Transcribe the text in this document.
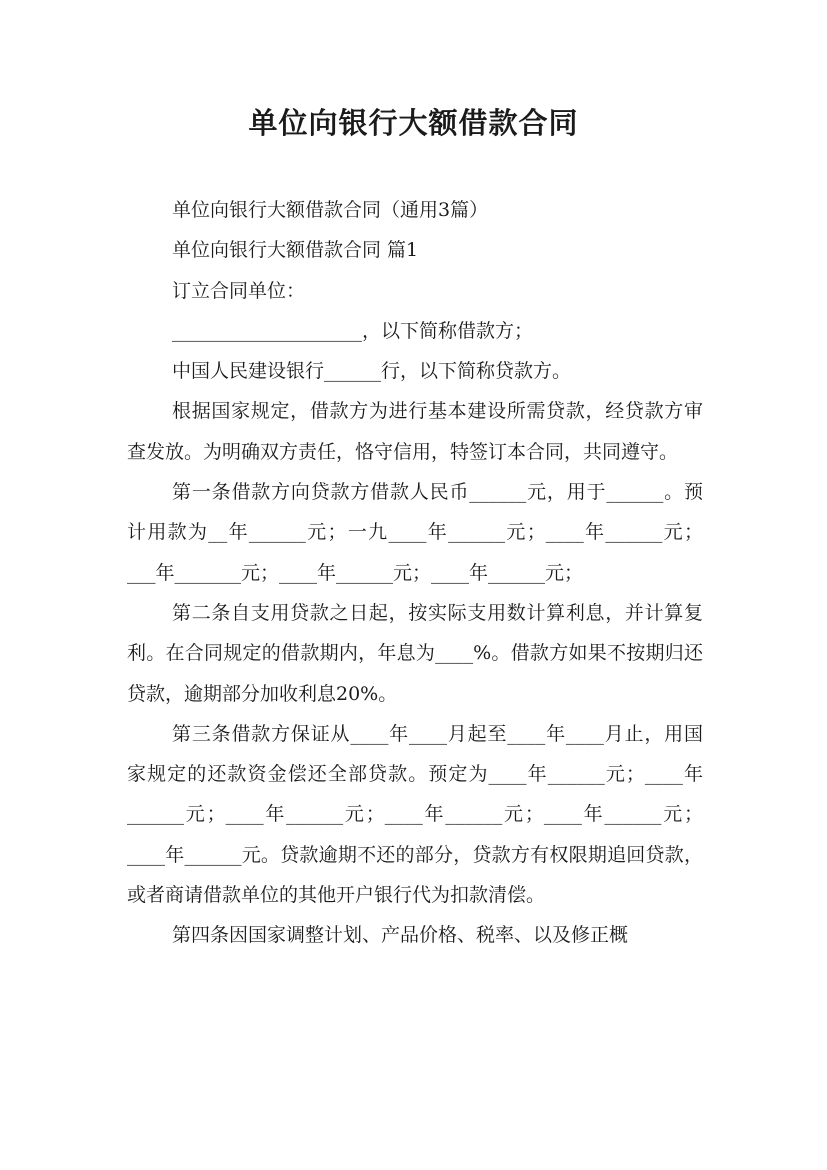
单位向银行大额借款合同

单位向银行大额借款合同（通用3篇）

单位向银行大额借款合同 篇1

订立合同单位：

____________________，以下简称借款方；

中国人民建设银行______行，以下简称贷款方。

根据国家规定，借款方为进行基本建设所需贷款，经贷款方审查发放。为明确双方责任，恪守信用，特签订本合同，共同遵守。

第一条借款方向贷款方借款人民币______元，用于______。预计用款为__年______元；一九____年______元；____年______元；___年_______元；____年______元；____年______元；

第二条自支用贷款之日起，按实际支用数计算利息，并计算复利。在合同规定的借款期内，年息为____%。借款方如果不按期归还贷款，逾期部分加收利息20%。

第三条借款方保证从____年____月起至____年____月止，用国家规定的还款资金偿还全部贷款。预定为____年______元；____年______元；____年______元；____年______元；____年______元；____年______元。贷款逾期不还的部分，贷款方有权限期追回贷款，或者商请借款单位的其他开户银行代为扣款清偿。

第四条因国家调整计划、产品价格、税率、以及修正概
